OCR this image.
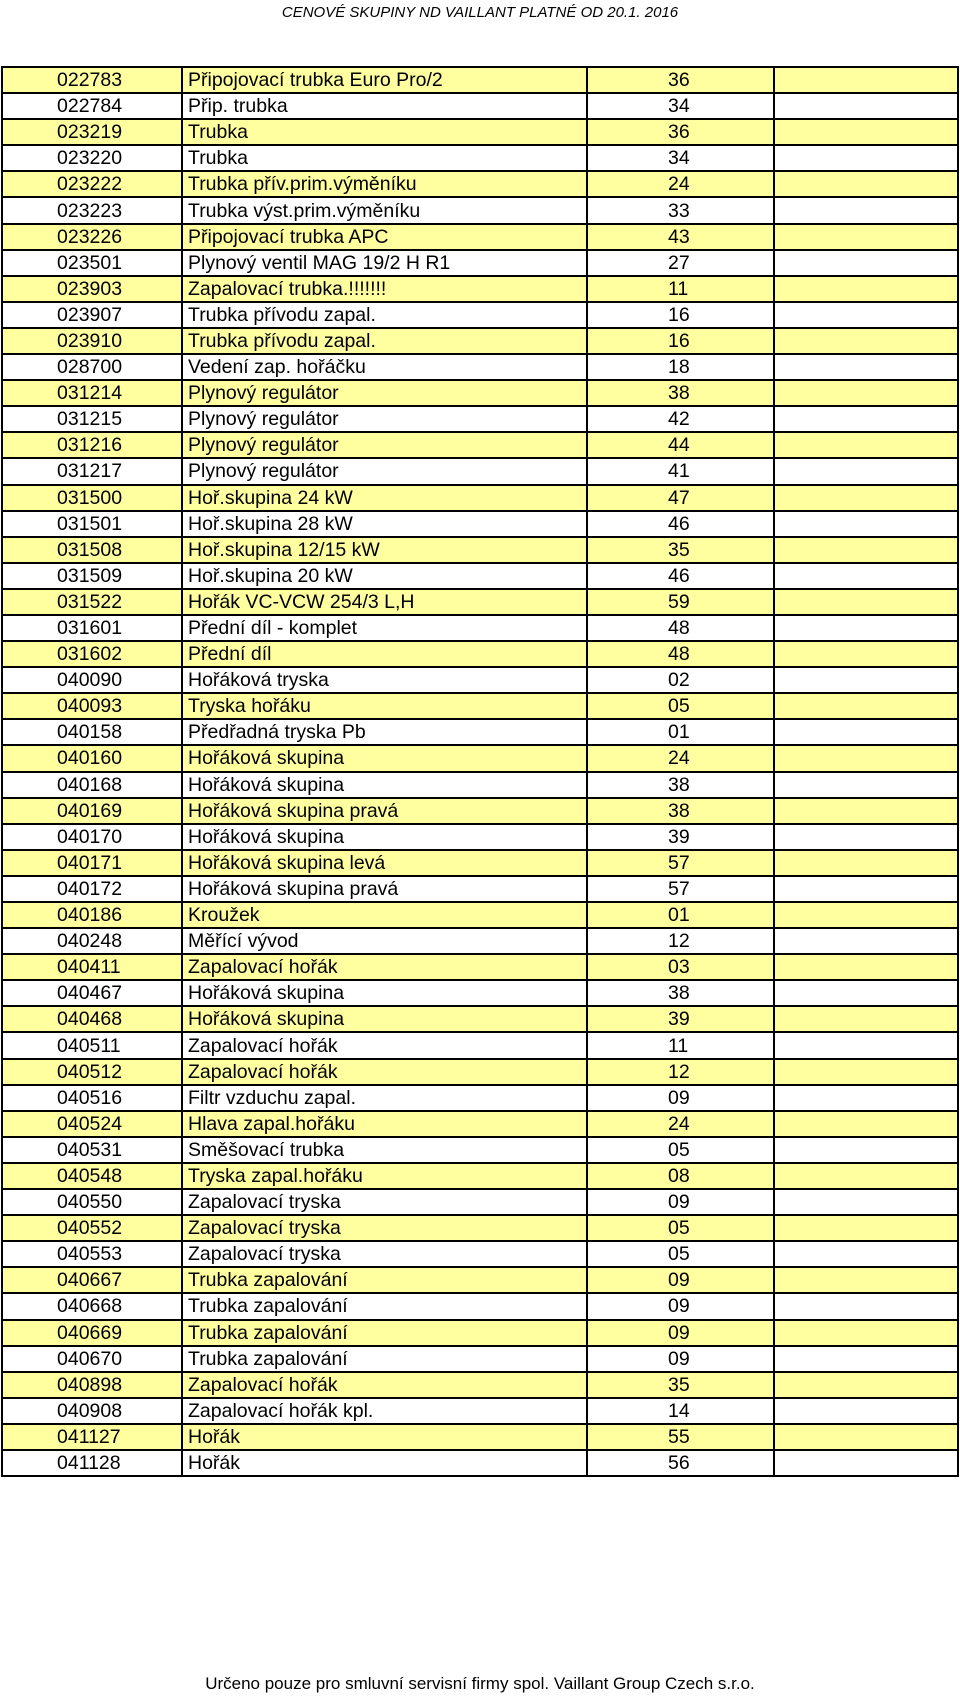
CENOVÉ SKUPINY ND VAILLANT PLATNÉ OD 20.1. 2016
022783	Připojovací trubka Euro Pro/2	36	
022784	Přip. trubka	34	
023219	Trubka	36	
023220	Trubka	34	
023222	Trubka přív.prim.výměníku	24	
023223	Trubka výst.prim.výměníku	33	
023226	Připojovací trubka APC	43	
023501	Plynový ventil MAG 19/2 H R1	27	
023903	Zapalovací trubka.!!!!!!!	11	
023907	Trubka přívodu zapal.	16	
023910	Trubka přívodu zapal.	16	
028700	Vedení zap. hořáčku	18	
031214	Plynový regulátor	38	
031215	Plynový regulátor	42	
031216	Plynový regulátor	44	
031217	Plynový regulátor	41	
031500	Hoř.skupina 24 kW	47	
031501	Hoř.skupina 28 kW	46	
031508	Hoř.skupina 12/15 kW	35	
031509	Hoř.skupina 20 kW	46	
031522	Hořák VC-VCW 254/3 L,H	59	
031601	Přední díl - komplet	48	
031602	Přední díl	48	
040090	Hořáková tryska	02	
040093	Tryska hořáku	05	
040158	Předřadná tryska Pb	01	
040160	Hořáková skupina	24	
040168	Hořáková skupina	38	
040169	Hořáková skupina pravá	38	
040170	Hořáková skupina	39	
040171	Hořáková skupina levá	57	
040172	Hořáková skupina pravá	57	
040186	Kroužek	01	
040248	Měřící vývod	12	
040411	Zapalovací hořák	03	
040467	Hořáková skupina	38	
040468	Hořáková skupina	39	
040511	Zapalovací hořák	11	
040512	Zapalovací hořák	12	
040516	Filtr vzduchu zapal.	09	
040524	Hlava zapal.hořáku	24	
040531	Směšovací trubka	05	
040548	Tryska zapal.hořáku	08	
040550	Zapalovací tryska	09	
040552	Zapalovací tryska	05	
040553	Zapalovací tryska	05	
040667	Trubka zapalování	09	
040668	Trubka zapalování	09	
040669	Trubka zapalování	09	
040670	Trubka zapalování	09	
040898	Zapalovací hořák	35	
040908	Zapalovací hořák kpl.	14	
041127	Hořák	55	
041128	Hořák	56	
Určeno pouze pro smluvní servisní firmy spol. Vaillant Group Czech s.r.o.
